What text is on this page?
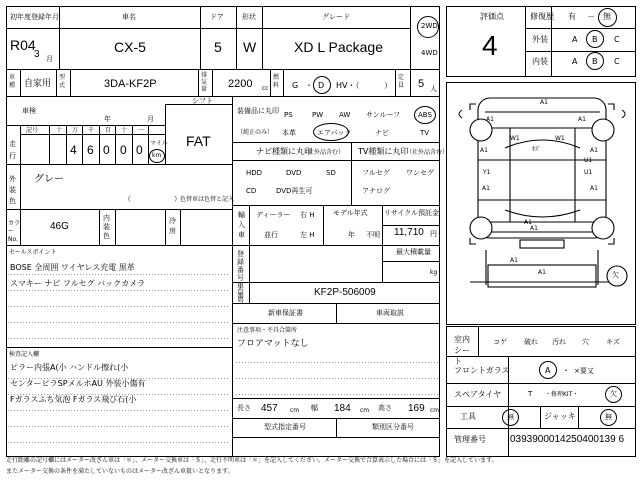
初年度登録年月
R04
3 月
車名
CX-5
ドア
5
形状
W
グレード
XD L Package
2WD
4WD
評価点
4
修復歴 有 － 無
外装	A B C
内装	A B C
車種 自家用
型式	3DA-KF2P
排気量 2200 cc
燃料 G ・ D HV・（	）
定員 5 人
車検
年	月
シフト
FAT
走行
記号	十 万 千 百 十 一
4 6 0 0 0 マイル
km
外装色
グレー
（	） 色替車は色替と記入
カラーNo.
46G
内装色
冷房
セールスポイント
BOSE 全周囲 ワイヤレス充電 黒革
スマキー ナビ フルセグ バックカメラ
検査記入欄
ピラー内張A(小 ハンドル擦れ(小
センターピラSPメルホAU 外装小傷有
Fガラスふち気泡 Fガラス飛び石(小
装備品に丸印
（純正のみ）
PS	PW AW サンルーフ	ABS
本革	エアバック	ナビ	TV
ナビ種類に丸印
（社外品含む）
HDD	DVD	SD
CD	DVD再生可
TV種類に丸印
（社外品含む）
フルセグ ワンセグ
アナログ
輸入車
ディーラー
並行
右 H
左 H
モデル年式
年 不明
リサイクル預託金
11,710 円
最大積載量
kg
登録番号
車台番号
KF2P-506009
新車保証書	車両取説
注意事項・不具合箇所
フロアマットなし
長さ 457 cm 幅 184 cm 高さ 169 cm
型式指定番号	類別区分番号
A1
A1	A1
A1	A1
A1	A1
A1
A1
A1
A1
U1
U1
Y1
W1	W1
ｷｽﾞ
欠
室内シート
コゲ 破れ 汚れ 穴 キズ
フロントガラス	A ・ ×要又
スペアタイヤ	T ・修理KIT・	欠
工具	無	ジャッキ	無
管理番号 0393900014250400139 6
走行距離の記号欄にはメーター改ざん車は「＊」、メーター交換車は「＄」、走行不明車は「＊」を記入してください。メーター交換で合算表示した場合には「＄」を記入しています。
またメーター交換の条件を満たしていないものはメーター改ざん車扱いとなります。
